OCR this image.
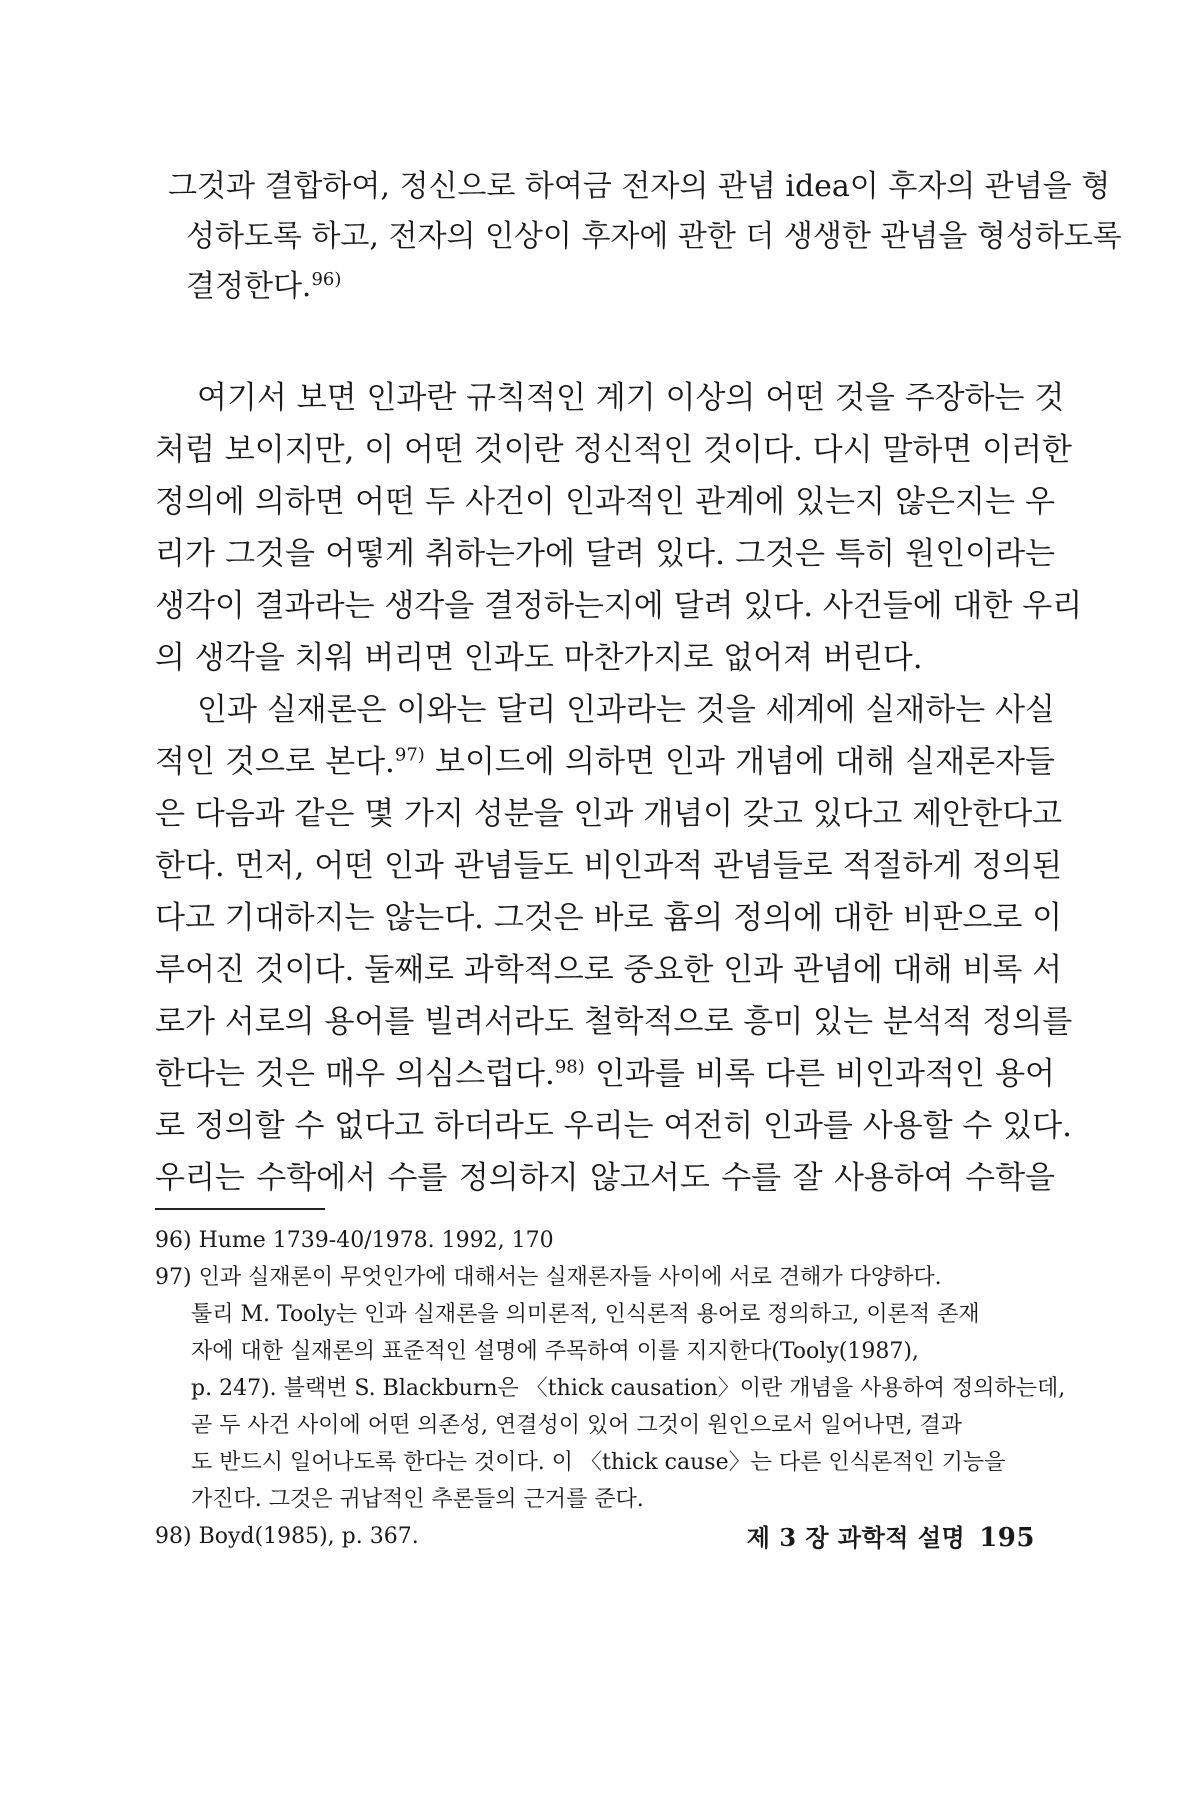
그것과 결합하여, 정신으로 하여금 전자의 관념 idea이 후자의 관념을 형
성하도록 하고, 전자의 인상이 후자에 관한 더 생생한 관념을 형성하도록
결정한다.$^{96)}$
여기서 보면 인과란 규칙적인 계기 이상의 어떤 것을 주장하는 것
처럼 보이지만, 이 어떤 것이란 정신적인 것이다. 다시 말하면 이러한
정의에 의하면 어떤 두 사건이 인과적인 관계에 있는지 않은지는 우
리가 그것을 어떻게 취하는가에 달려 있다. 그것은 특히 원인이라는
생각이 결과라는 생각을 결정하는지에 달려 있다. 사건들에 대한 우리
의 생각을 치워 버리면 인과도 마찬가지로 없어져 버린다.
인과 실재론은 이와는 달리 인과라는 것을 세계에 실재하는 사실
적인 것으로 본다.$^{97)}$ 보이드에 의하면 인과 개념에 대해 실재론자들
은 다음과 같은 몇 가지 성분을 인과 개념이 갖고 있다고 제안한다고
한다. 먼저, 어떤 인과 관념들도 비인과적 관념들로 적절하게 정의된
다고 기대하지는 않는다. 그것은 바로 흄의 정의에 대한 비판으로 이
루어진 것이다. 둘째로 과학적으로 중요한 인과 관념에 대해 비록 서
로가 서로의 용어를 빌려서라도 철학적으로 흥미 있는 분석적 정의를
한다는 것은 매우 의심스럽다.$^{98)}$ 인과를 비록 다른 비인과적인 용어
로 정의할 수 없다고 하더라도 우리는 여전히 인과를 사용할 수 있다.
우리는 수학에서 수를 정의하지 않고서도 수를 잘 사용하여 수학을
96) Hume 1739-40/1978. 1992, 170
97) 인과 실재론이 무엇인가에 대해서는 실재론자들 사이에 서로 견해가 다양하다.
툴리 M. Tooly는 인과 실재론을 의미론적, 인식론적 용어로 정의하고, 이론적 존재
자에 대한 실재론의 표준적인 설명에 주목하여 이를 지지한다(Tooly(1987),
p. 247). 블랙번 S. Blackburn은 〈thick causation〉이란 개념을 사용하여 정의하는데,
곧 두 사건 사이에 어떤 의존성, 연결성이 있어 그것이 원인으로서 일어나면, 결과
도 반드시 일어나도록 한다는 것이다. 이 〈thick cause〉는 다른 인식론적인 기능을
가진다. 그것은 귀납적인 추론들의 근거를 준다.
98) Boyd(1985), p. 367.	제 3 장 과학적 설명 195
